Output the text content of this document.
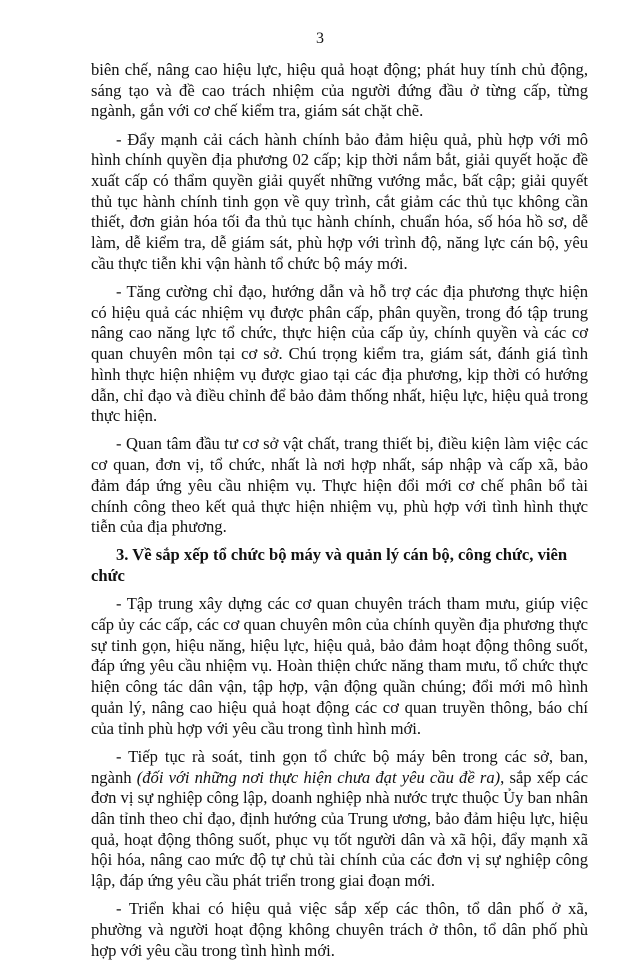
3

biên chế, nâng cao hiệu lực, hiệu quả hoạt động; phát huy tính chủ động, sáng tạo và đề cao trách nhiệm của người đứng đầu ở từng cấp, từng ngành, gắn với cơ chế kiểm tra, giám sát chặt chẽ.

- Đẩy mạnh cải cách hành chính bảo đảm hiệu quả, phù hợp với mô hình chính quyền địa phương 02 cấp; kịp thời nắm bắt, giải quyết hoặc đề xuất cấp có thẩm quyền giải quyết những vướng mắc, bất cập; giải quyết thủ tục hành chính tinh gọn về quy trình, cắt giảm các thủ tục không cần thiết, đơn giản hóa tối đa thủ tục hành chính, chuẩn hóa, số hóa hồ sơ, dễ làm, dễ kiểm tra, dễ giám sát, phù hợp với trình độ, năng lực cán bộ, yêu cầu thực tiễn khi vận hành tổ chức bộ máy mới.

- Tăng cường chỉ đạo, hướng dẫn và hỗ trợ các địa phương thực hiện có hiệu quả các nhiệm vụ được phân cấp, phân quyền, trong đó tập trung nâng cao năng lực tổ chức, thực hiện của cấp ủy, chính quyền và các cơ quan chuyên môn tại cơ sở. Chú trọng kiểm tra, giám sát, đánh giá tình hình thực hiện nhiệm vụ được giao tại các địa phương, kịp thời có hướng dẫn, chỉ đạo và điều chỉnh để bảo đảm thống nhất, hiệu lực, hiệu quả trong thực hiện.

- Quan tâm đầu tư cơ sở vật chất, trang thiết bị, điều kiện làm việc các cơ quan, đơn vị, tổ chức, nhất là nơi hợp nhất, sáp nhập và cấp xã, bảo đảm đáp ứng yêu cầu nhiệm vụ. Thực hiện đổi mới cơ chế phân bổ tài chính công theo kết quả thực hiện nhiệm vụ, phù hợp với tình hình thực tiễn của địa phương.

3. Về sắp xếp tổ chức bộ máy và quản lý cán bộ, công chức, viên chức

- Tập trung xây dựng các cơ quan chuyên trách tham mưu, giúp việc cấp ủy các cấp, các cơ quan chuyên môn của chính quyền địa phương thực sự tinh gọn, hiệu năng, hiệu lực, hiệu quả, bảo đảm hoạt động thông suốt, đáp ứng yêu cầu nhiệm vụ. Hoàn thiện chức năng tham mưu, tổ chức thực hiện công tác dân vận, tập hợp, vận động quần chúng; đổi mới mô hình quản lý, nâng cao hiệu quả hoạt động các cơ quan truyền thông, báo chí của tỉnh phù hợp với yêu cầu trong tình hình mới.

- Tiếp tục rà soát, tinh gọn tổ chức bộ máy bên trong các sở, ban, ngành (đối với những nơi thực hiện chưa đạt yêu cầu đề ra), sắp xếp các đơn vị sự nghiệp công lập, doanh nghiệp nhà nước trực thuộc Ủy ban nhân dân tỉnh theo chỉ đạo, định hướng của Trung ương, bảo đảm hiệu lực, hiệu quả, hoạt động thông suốt, phục vụ tốt người dân và xã hội, đẩy mạnh xã hội hóa, nâng cao mức độ tự chủ tài chính của các đơn vị sự nghiệp công lập, đáp ứng yêu cầu phát triển trong giai đoạn mới.

- Triển khai có hiệu quả việc sắp xếp các thôn, tổ dân phố ở xã, phường và người hoạt động không chuyên trách ở thôn, tổ dân phố phù hợp với yêu cầu trong tình hình mới.
